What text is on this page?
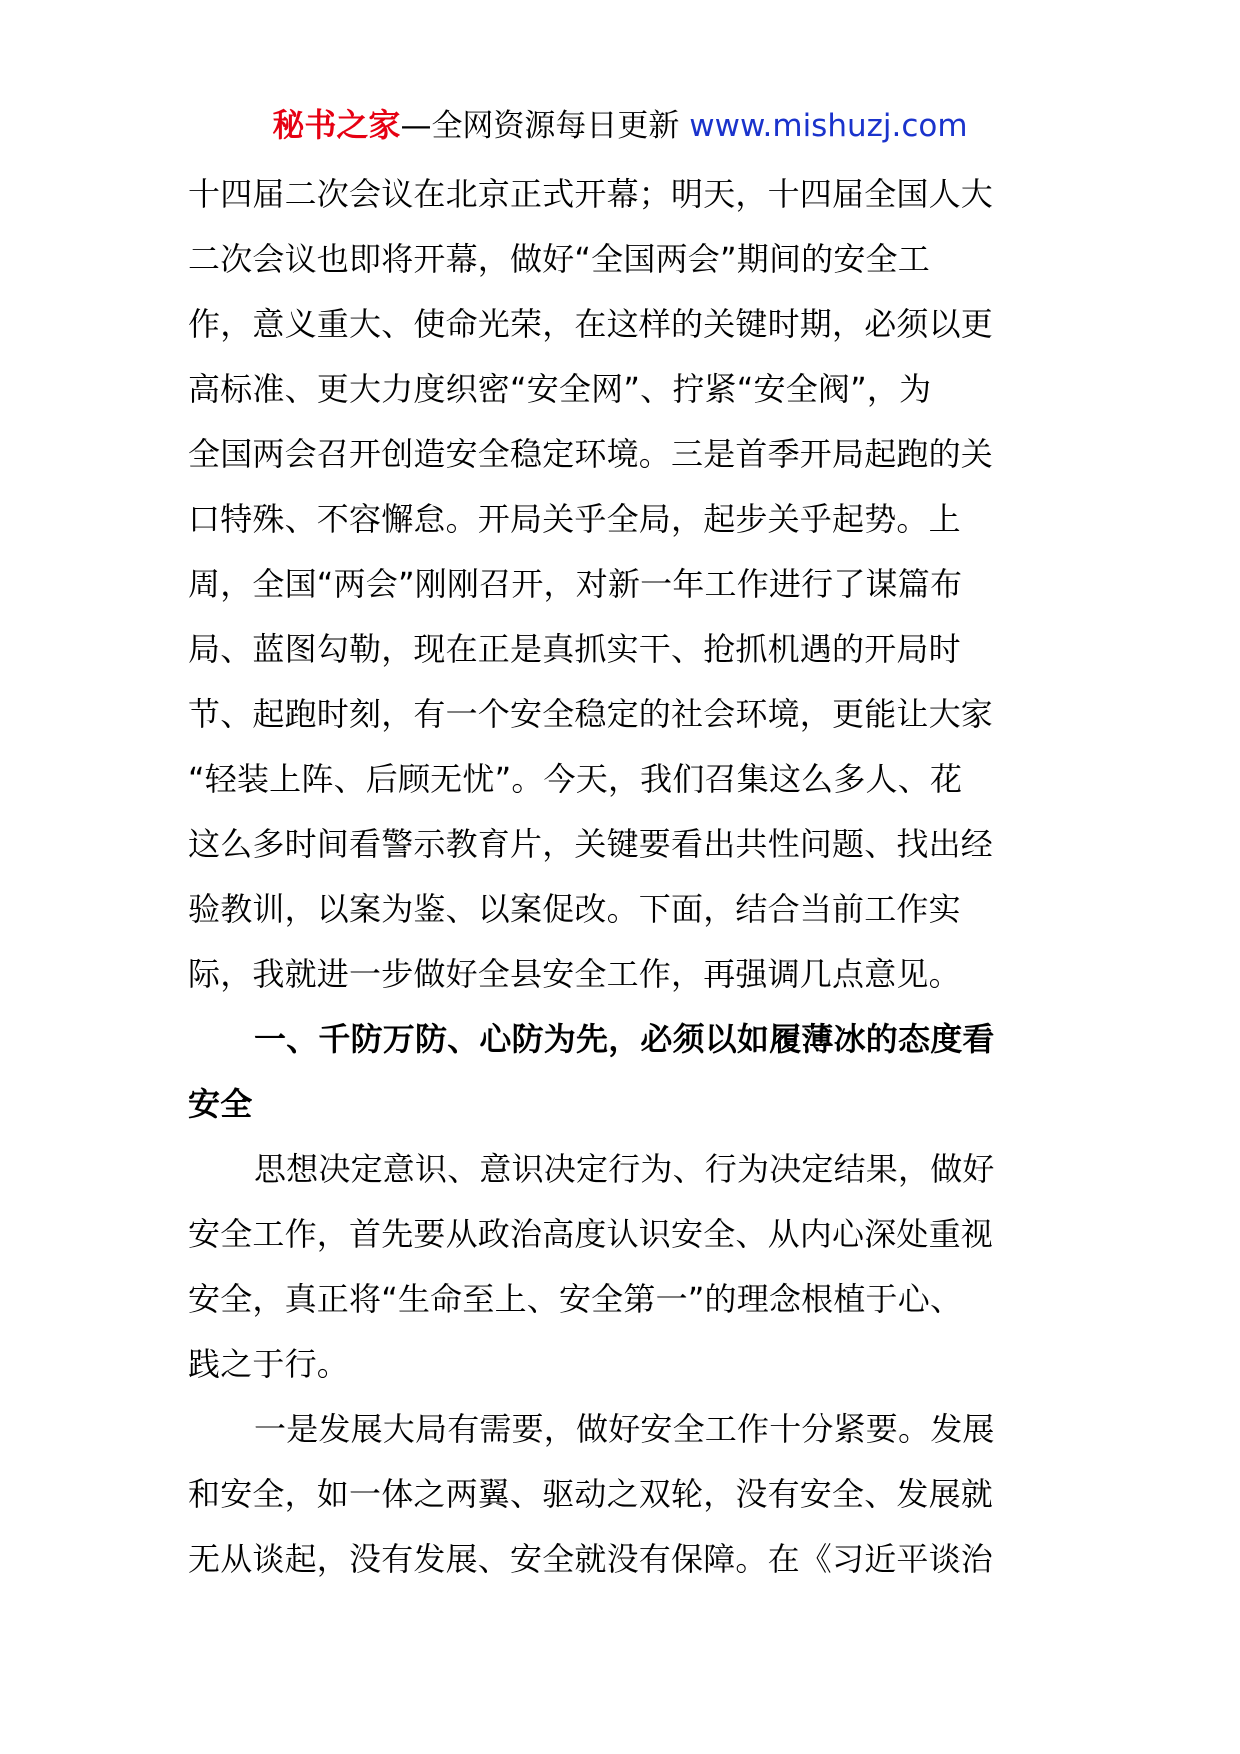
秘书之家—全网资源每日更新 www.mishuzj.com
十四届二次会议在北京正式开幕；明天，十四届全国人大
二次会议也即将开幕，做好“全国两会”期间的安全工
作，意义重大、使命光荣，在这样的关键时期，必须以更
高标准、更大力度织密“安全网”、拧紧“安全阀”，为
全国两会召开创造安全稳定环境。三是首季开局起跑的关
口特殊、不容懈怠。开局关乎全局，起步关乎起势。上
周，全国“两会”刚刚召开，对新一年工作进行了谋篇布
局、蓝图勾勒，现在正是真抓实干、抢抓机遇的开局时
节、起跑时刻，有一个安全稳定的社会环境，更能让大家
“轻装上阵、后顾无忧”。今天，我们召集这么多人、花
这么多时间看警示教育片，关键要看出共性问题、找出经
验教训，以案为鉴、以案促改。下面，结合当前工作实
际，我就进一步做好全县安全工作，再强调几点意见。
一、千防万防、心防为先，必须以如履薄冰的态度看
安全
思想决定意识、意识决定行为、行为决定结果，做好
安全工作，首先要从政治高度认识安全、从内心深处重视
安全，真正将“生命至上、安全第一”的理念根植于心、
践之于行。
一是发展大局有需要，做好安全工作十分紧要。发展
和安全，如一体之两翼、驱动之双轮，没有安全、发展就
无从谈起，没有发展、安全就没有保障。在《习近平谈治
